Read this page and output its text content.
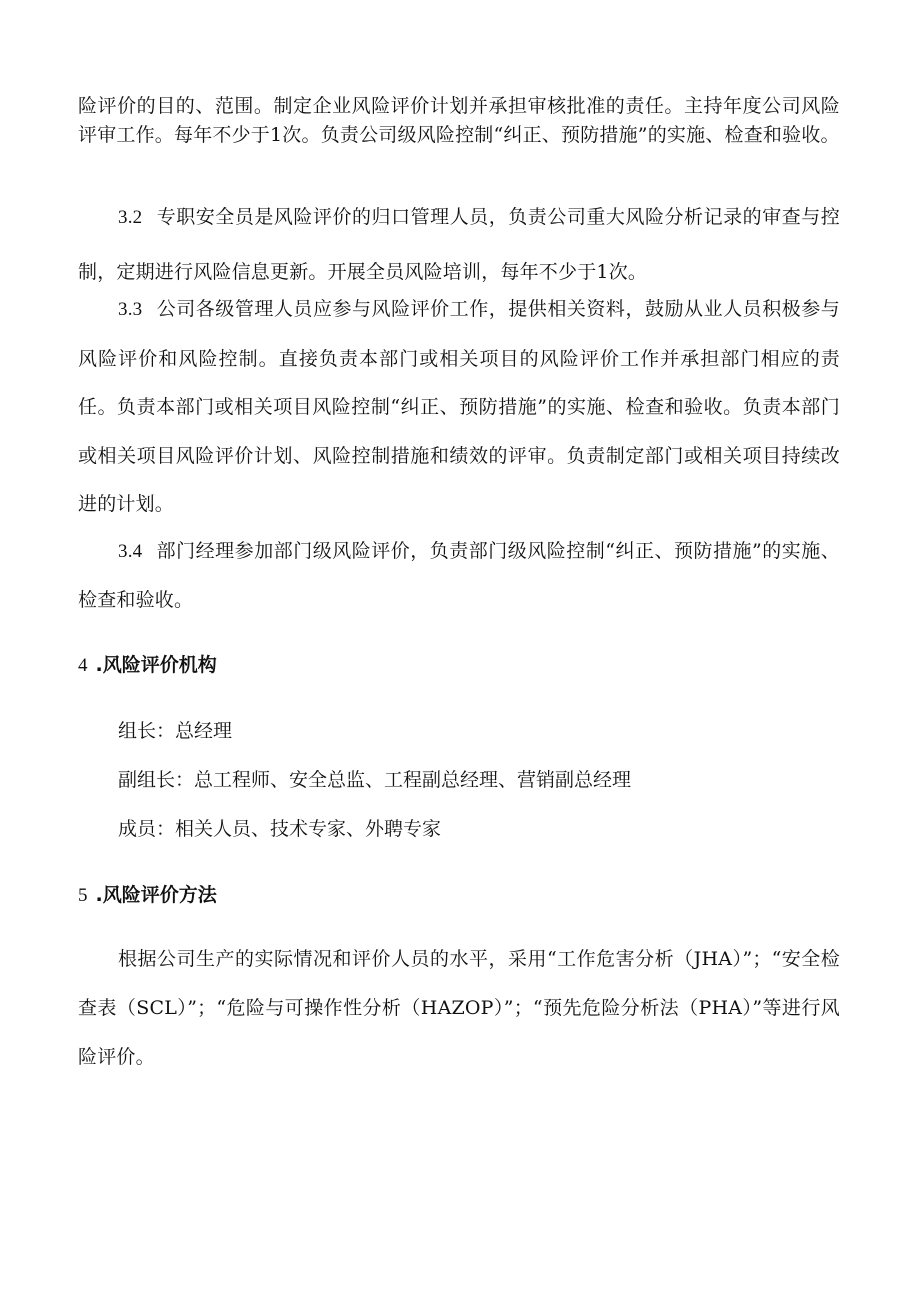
险评价的目的、范围。制定企业风险评价计划并承担审核批准的责任。主持年度公司风险评审工作。每年不少于1次。负责公司级风险控制“纠正、预防措施”的实施、检查和验收。

3.2 专职安全员是风险评价的归口管理人员，负责公司重大风险分析记录的审查与控制，定期进行风险信息更新。开展全员风险培训，每年不少于1次。

3.3 公司各级管理人员应参与风险评价工作，提供相关资料，鼓励从业人员积极参与风险评价和风险控制。直接负责本部门或相关项目的风险评价工作并承担部门相应的责任。负责本部门或相关项目风险控制“纠正、预防措施”的实施、检查和验收。负责本部门或相关项目风险评价计划、风险控制措施和绩效的评审。负责制定部门或相关项目持续改进的计划。

3.4 部门经理参加部门级风险评价，负责部门级风险控制“纠正、预防措施”的实施、检查和验收。

4 .风险评价机构

组长：总经理

副组长：总工程师、安全总监、工程副总经理、营销副总经理

成员：相关人员、技术专家、外聘专家

5 .风险评价方法

根据公司生产的实际情况和评价人员的水平，采用“工作危害分析（JHA）”；“安全检查表（SCL）”；“危险与可操作性分析（HAZOP）”；“预先危险分析法（PHA）”等进行风险评价。
